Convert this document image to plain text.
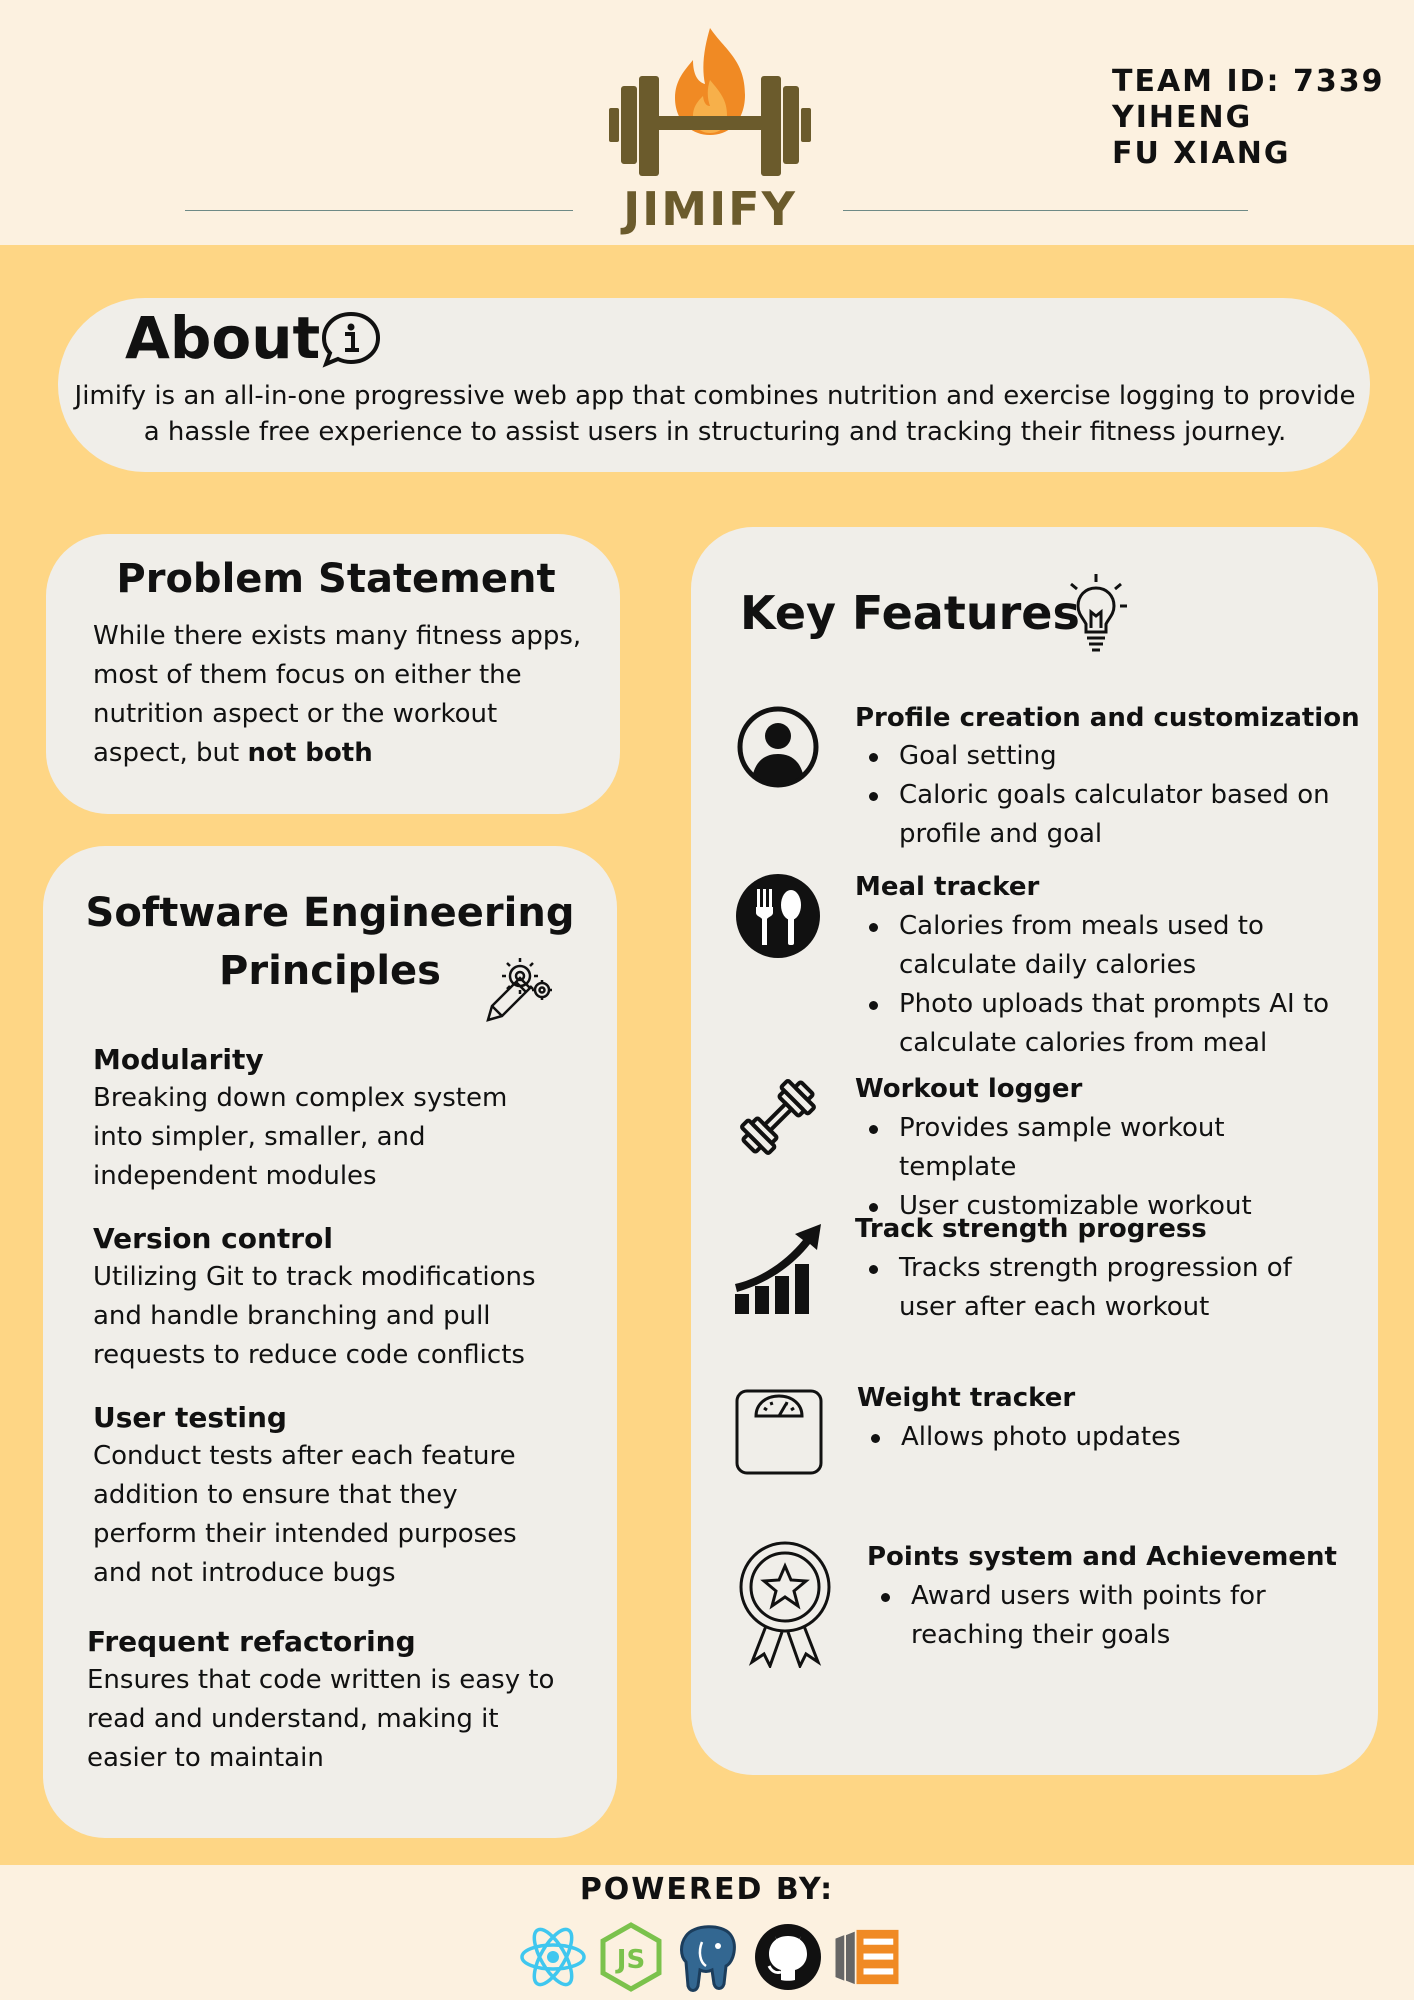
JIMIFY
TEAM ID: 7339
YIHENG
FU XIANG
About
Jimify is an all-in-one progressive web app that combines nutrition and exercise logging to provide a hassle free experience to assist users in structuring and tracking their fitness journey.
Problem Statement
While there exists many fitness apps, most of them focus on either the nutrition aspect or the workout aspect, but not both
Software Engineering
Principles
Modularity
Breaking down complex system into simpler, smaller, and independent modules
Version control
Utilizing Git to track modifications and handle branching and pull requests to reduce code conflicts
User testing
Conduct tests after each feature addition to ensure that they perform their intended purposes and not introduce bugs
Frequent refactoring
Ensures that code written is easy to read and understand, making it easier to maintain
Key Features
Profile creation and customization
Goal setting
Caloric goals calculator based on profile and goal
Meal tracker
Calories from meals used to calculate daily calories
Photo uploads that prompts AI to calculate calories from meal
Workout logger
Provides sample workout template
User customizable workout
Track strength progress
Tracks strength progression of user after each workout
Weight tracker
Allows photo updates
Points system and Achievement
Award users with points for reaching their goals
POWERED BY:
JS
